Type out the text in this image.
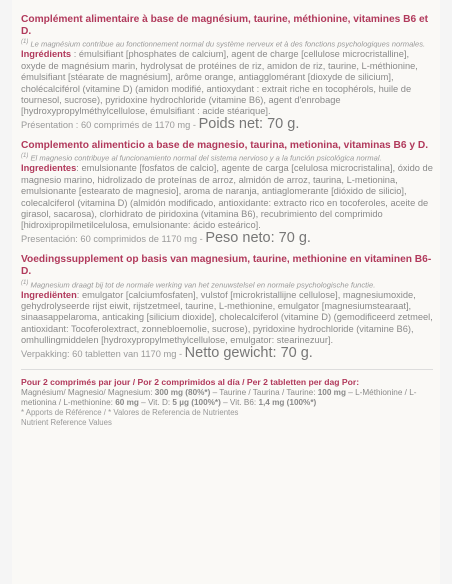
Complément alimentaire à base de magnésium, taurine, méthionine, vitamines B6 et D.
$^{(1)}$ Le magnésium contribue au fonctionnement normal du système nerveux et à des fonctions psychologiques normales.
Ingrédients : émulsifiant [phosphates de calcium], agent de charge [cellulose microcristalline], oxyde de magnésium marin, hydrolysat de protéines de riz, amidon de riz, taurine, L-méthionine, émulsifiant [stéarate de magnésium], arôme orange, antiagglomérant [dioxyde de silicium], cholécalciférol (vitamine D) (amidon modifié, antioxydant : extrait riche en tocophérols, huile de tournesol, sucrose), pyridoxine hydrochloride (vitamine B6), agent d'enrobage [hydroxypropylméthylcellulose, émulsifiant : acide stéarique].
Présentation : 60 comprimés de 1170 mg - Poids net: 70 g.
Complemento alimenticio a base de magnesio, taurina, metionina, vitaminas B6 y D.
$^{(1)}$ El magnesio contribuye al funcionamiento normal del sistema nervioso y a la función psicológica normal.
Ingredientes: emulsionante [fosfatos de calcio], agente de carga [celulosa microcristalina], óxido de magnesio marino, hidrolizado de proteínas de arroz, almidón de arroz, taurina, L-metionina, emulsionante [estearato de magnesio], aroma de naranja, antiaglomerante [dióxido de silicio], colecalciferol (vitamina D) (almidón modificado, antioxidante: extracto rico en tocoferoles, aceite de girasol, sacarosa), clorhidrato de piridoxina (vitamina B6), recubrimiento del comprimido [hidroxipropilmetilcelulosa, emulsionante: ácido esteárico].
Presentación: 60 comprimidos de 1170 mg - Peso neto: 70 g.
Voedingssupplement op basis van magnesium, taurine, methionine en vitaminen B6-D.
$^{(1)}$ Magnesium draagt bij tot de normale werking van het zenuwstelsel en normale psychologische functie.
Ingrediënten: emulgator [calciumfosfaten], vulstof [microkristallijne cellulose], magnesiumoxide, gehydrolyseerde rijst eiwit, rijstzetmeel, taurine, L-methionine, emulgator [magnesiumstearaat], sinaasappelaroma, anticaking [silicium dioxide], cholecalciferol (vitamine D) (gemodificeerd zetmeel, antioxidant: Tocoferolextract, zonnebloemolie, sucrose), pyridoxine hydrochloride (vitamine B6), omhullingmiddelen [hydroxypropylmethylcellulose, emulgator: stearinezuur].
Verpakking: 60 tabletten van 1170 mg - Netto gewicht: 70 g.
Pour 2 comprimés par jour / Por 2 comprimidos al día / Per 2 tabletten per dag Por:
Magnésium/ Magnesio/ Magnesium: 300 mg (80%*) – Taurine / Taurina / Taurine: 100 mg – L-Méthionine / L-metionina / L-methionine: 60 mg – Vit. D: 5 µg (100%*) – Vit. B6: 1,4 mg (100%*)
* Apports de Référence / * Valores de Referencia de Nutrientes
Nutrient Reference Values
